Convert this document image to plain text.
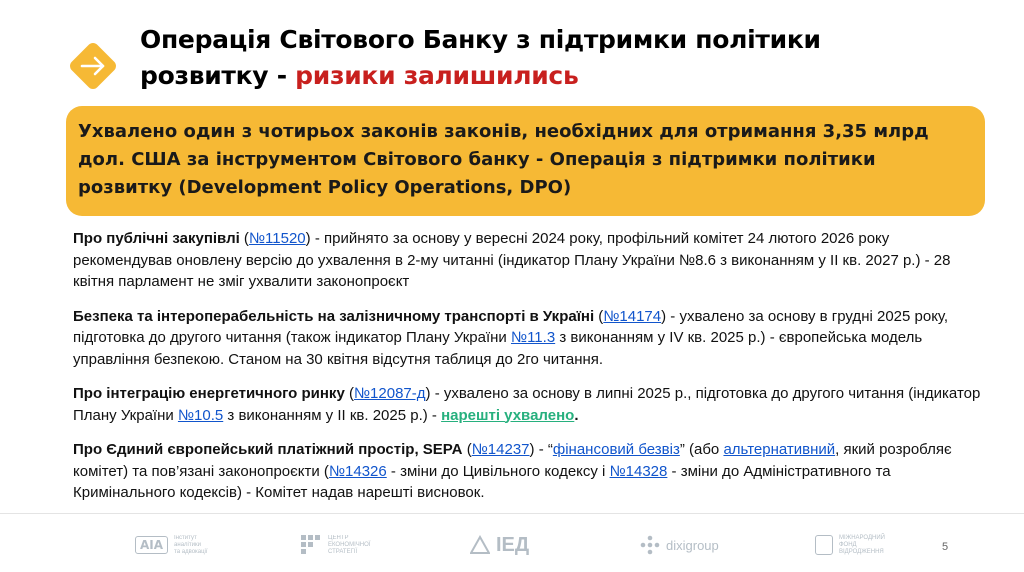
Операція Світового Банку з підтримки політики
розвитку - ризики залишились

Ухвалено один з чотирьох законів законів, необхідних для отримання 3,35 млрд дол. США за інструментом Світового банку - Операція з підтримки політики розвитку (Development Policy Operations, DPO)

Про публічні закупівлі (№11520) - прийнято за основу у вересні 2024 року, профільний комітет 24 лютого 2026 року рекомендував оновлену версію до ухвалення в 2-му читанні (індикатор Плану України №8.6 з виконанням у ІІ кв. 2027 р.) - 28 квітня парламент не зміг ухвалити законопроєкт

Безпека та інтероперабельність на залізничному транспорті в Україні (№14174) - ухвалено за основу в грудні 2025 року, підготовка до другого читання (також індикатор Плану України №11.3 з виконанням у IV кв. 2025 р.) - європейська модель управління безпекою. Станом на 30 квітня відсутня таблиця до 2го читання.

Про інтеграцію енергетичного ринку (№12087-д) - ухвалено за основу в липні 2025 р., підготовка до другого читання (індикатор Плану України №10.5 з виконанням у ІІ кв. 2025 р.) - нарешті ухвалено.

Про Єдиний європейський платіжний простір, SEPA (№14237) - “фінансовий безвіз” (або альтернативний, який розробляє комітет) та пов’язані законопроєкти (№14326 - зміни до Цивільного кодексу і №14328 - зміни до Адміністративного та Кримінального кодексів) - Комітет надав нарешті висновок.

AIA
Інститут
аналітики
та адвокації
ЦЕНТР
ЕКОНОМІЧНОЇ
СТРАТЕГІЇ	ІЕД	dixigroup	МІЖНАРОДНИЙ
ФОНД
ВІДРОДЖЕННЯ	5
